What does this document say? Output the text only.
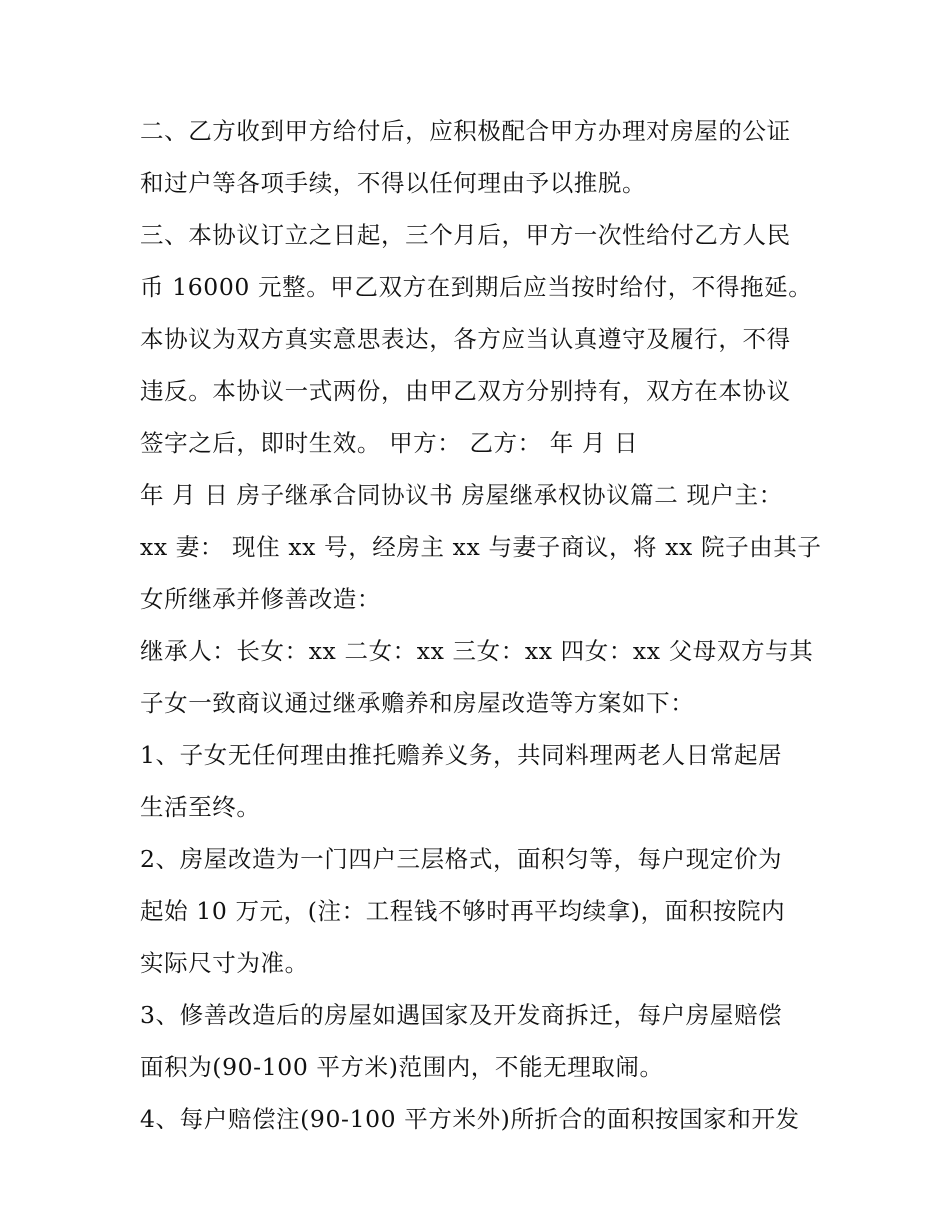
二、乙方收到甲方给付后，应积极配合甲方办理对房屋的公证
和过户等各项手续，不得以任何理由予以推脱。
三、本协议订立之日起，三个月后，甲方一次性给付乙方人民
币 16000 元整。甲乙双方在到期后应当按时给付，不得拖延。
本协议为双方真实意思表达，各方应当认真遵守及履行，不得
违反。本协议一式两份，由甲乙双方分别持有，双方在本协议
签字之后，即时生效。 甲方： 乙方： 年 月 日
年 月 日 房子继承合同协议书 房屋继承权协议篇二 现户主：
xx 妻： 现住 xx 号，经房主 xx 与妻子商议，将 xx 院子由其子
女所继承并修善改造：
继承人：长女：xx 二女：xx 三女：xx 四女：xx 父母双方与其
子女一致商议通过继承赡养和房屋改造等方案如下：
1、子女无任何理由推托赡养义务，共同料理两老人日常起居
生活至终。
2、房屋改造为一门四户三层格式，面积匀等，每户现定价为
起始 10 万元，(注：工程钱不够时再平均续拿)，面积按院内
实际尺寸为准。
3、修善改造后的房屋如遇国家及开发商拆迁，每户房屋赔偿
面积为(90-100 平方米)范围内，不能无理取闹。
4、每户赔偿注(90-100 平方米外)所折合的面积按国家和开发
